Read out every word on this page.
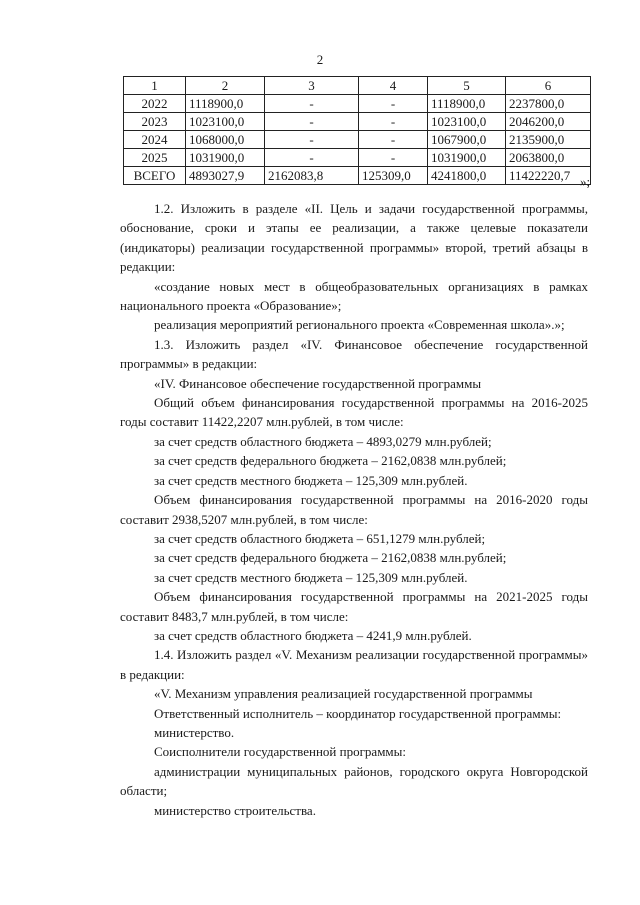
2
1	2	3	4	5	6
2022	1118900,0	-	-	1118900,0	2237800,0
2023	1023100,0	-	-	1023100,0	2046200,0
2024	1068000,0	-	-	1067900,0	2135900,0
2025	1031900,0	-	-	1031900,0	2063800,0
ВСЕГО	4893027,9	2162083,8	125309,0	4241800,0	11422220,7 »;

1.2. Изложить в разделе «II. Цель и задачи государственной программы, обоснование, сроки и этапы ее реализации, а также целевые показатели (индикаторы) реализации государственной программы» второй, третий абзацы в редакции:

«создание новых мест в общеобразовательных организациях в рамках национального проекта «Образование»;

реализация мероприятий регионального проекта «Современная школа».»;

1.3. Изложить раздел «IV. Финансовое обеспечение государственной программы» в редакции:

«IV. Финансовое обеспечение государственной программы

Общий объем финансирования государственной программы на 2016-2025 годы составит 11422,2207 млн.рублей, в том числе:

за счет средств областного бюджета – 4893,0279 млн.рублей;

за счет средств федерального бюджета – 2162,0838 млн.рублей;

за счет средств местного бюджета – 125,309 млн.рублей.

Объем финансирования государственной программы на 2016-2020 годы составит 2938,5207 млн.рублей, в том числе:

за счет средств областного бюджета – 651,1279 млн.рублей;

за счет средств федерального бюджета – 2162,0838 млн.рублей;

за счет средств местного бюджета – 125,309 млн.рублей.

Объем финансирования государственной программы на 2021-2025 годы составит 8483,7 млн.рублей, в том числе:

за счет средств областного бюджета – 4241,9 млн.рублей.

1.4. Изложить раздел «V. Механизм реализации государственной программы» в редакции:

«V. Механизм управления реализацией государственной программы

Ответственный исполнитель – координатор государственной программы:

министерство.

Соисполнители государственной программы:

администрации муниципальных районов, городского округа Новгородской области;

министерство строительства.
